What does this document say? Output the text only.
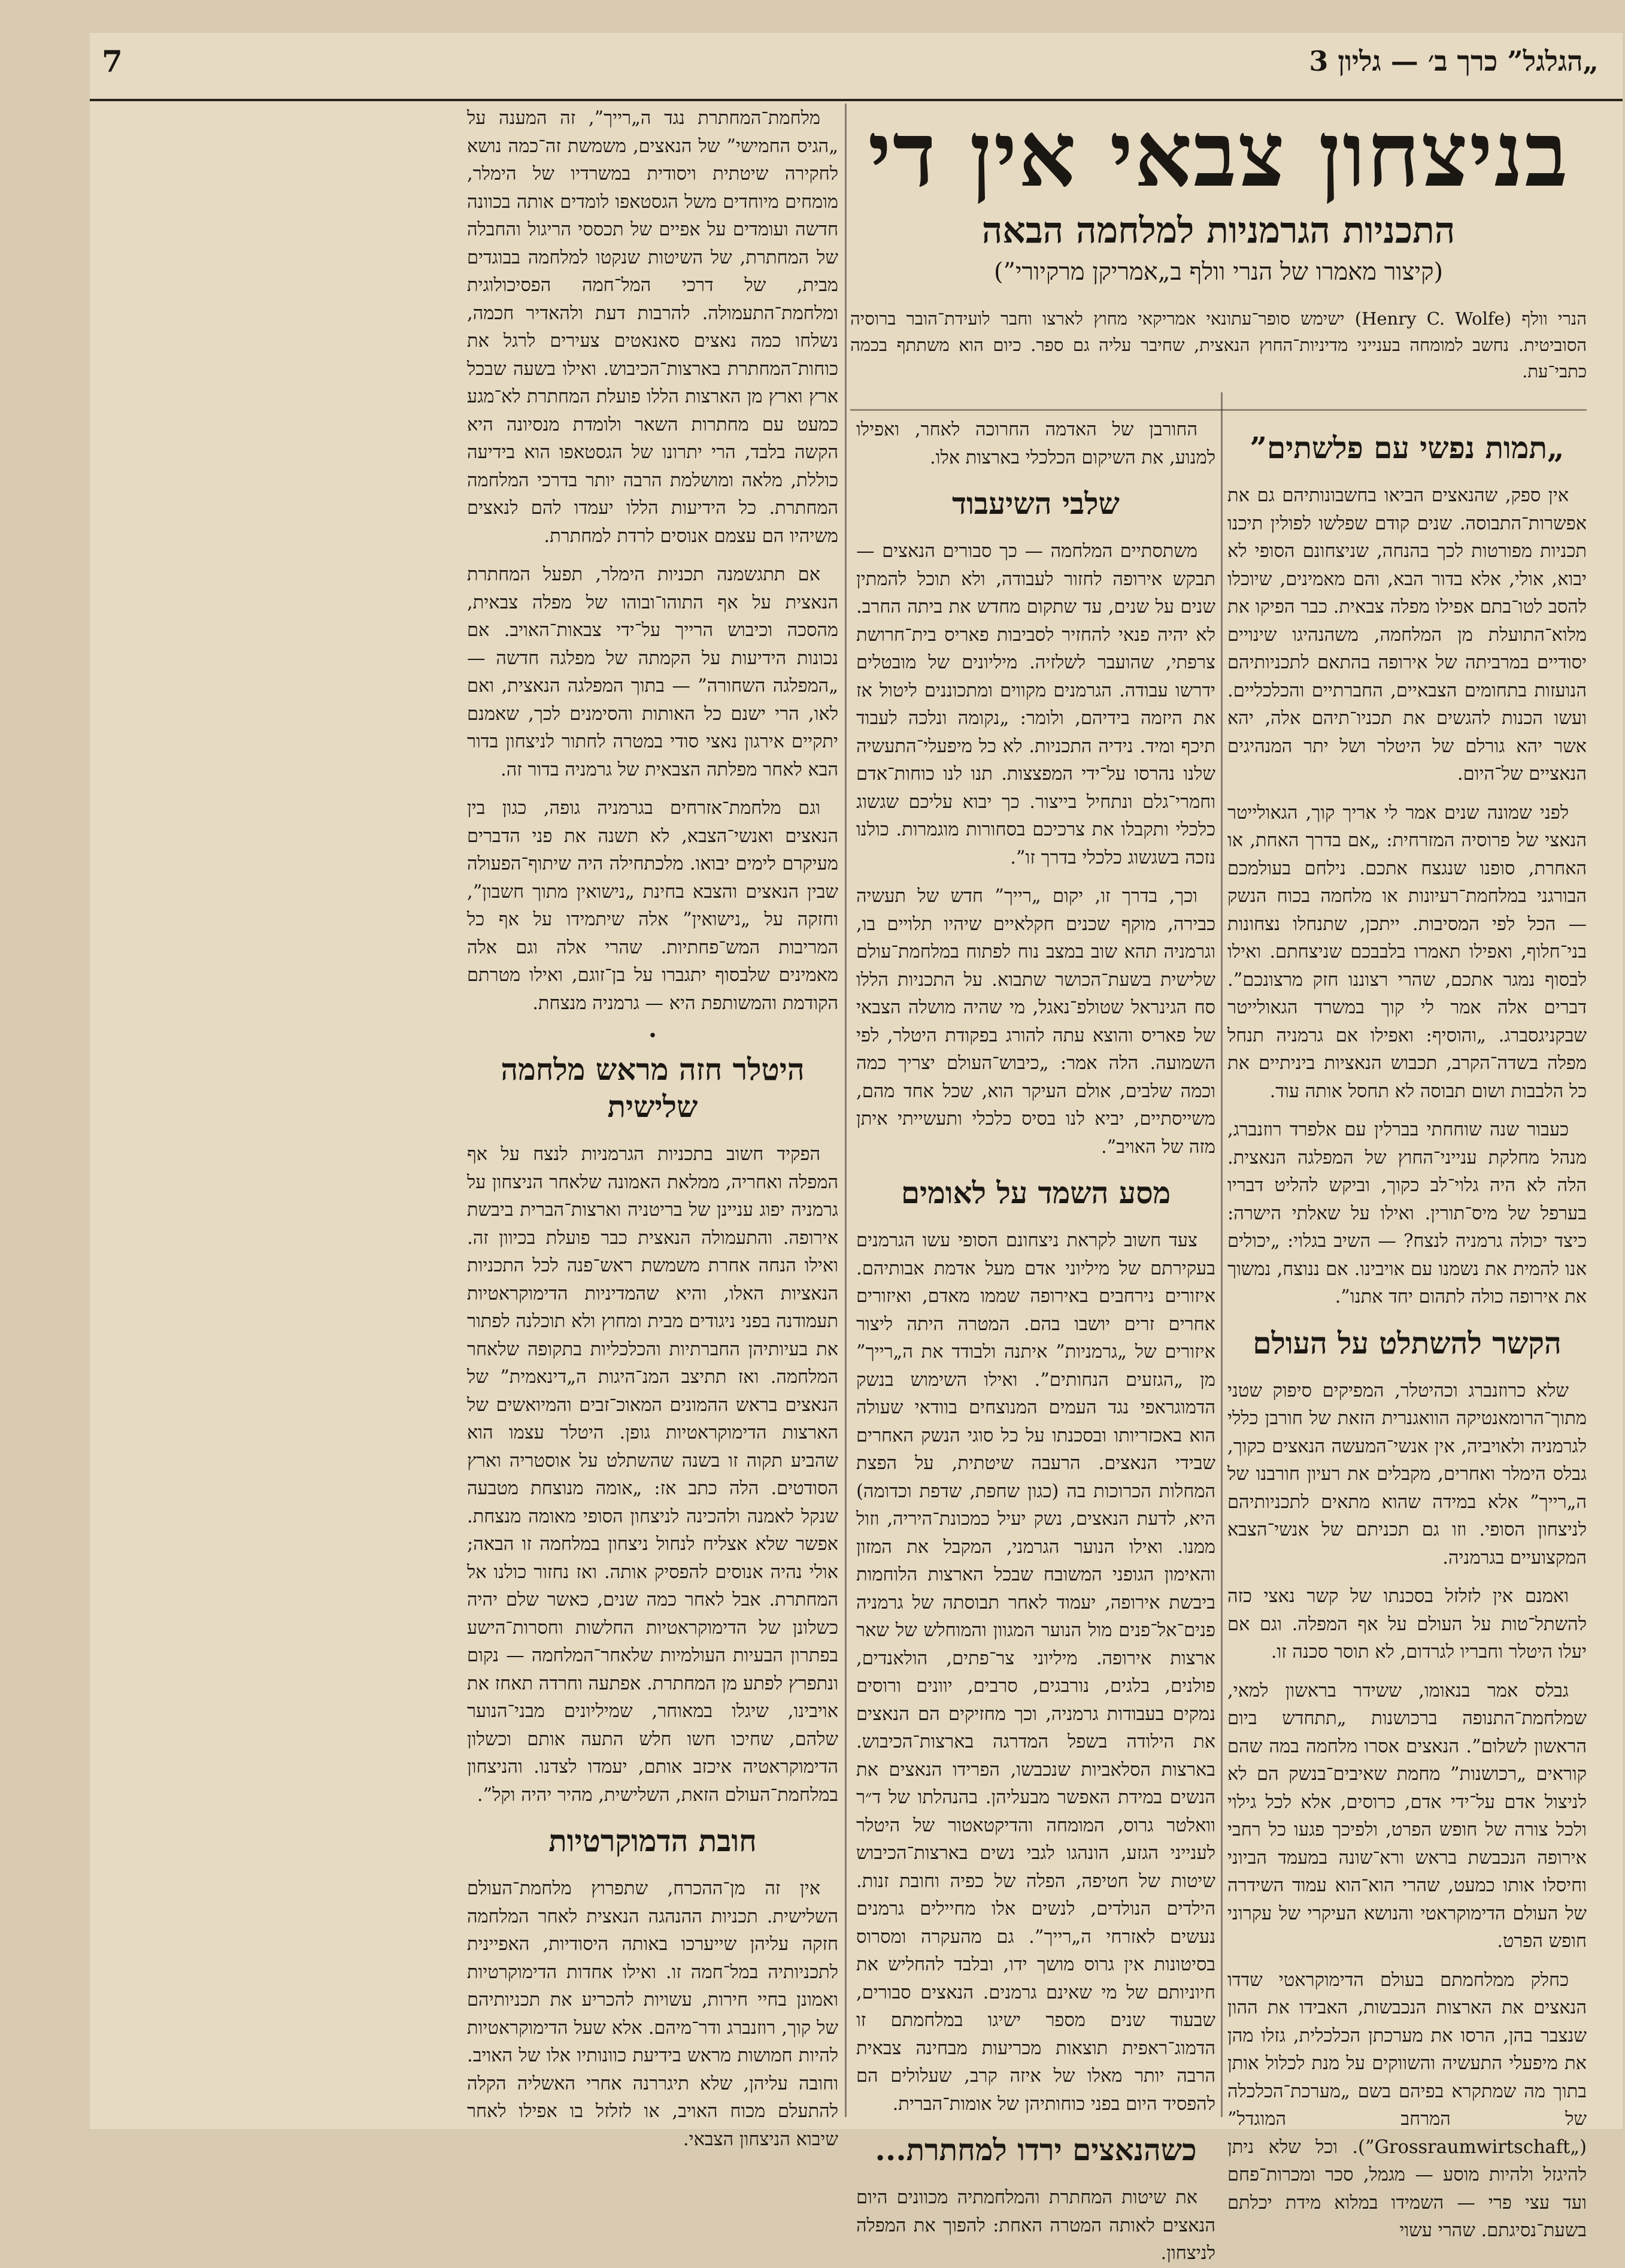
7	„הגלגל” כרך ב׳ — גליון 3
בניצחון צבאי אין די
התכניות הגרמניות למלחמה הבאה
(קיצור מאמרו של הנרי וולף ב„אמריקן מרקיורי”)
הנרי וולף (Henry C. Wolfe) ישימש סופר־עתונאי אמריקאי מחוץ לארצו וחבר לועידת־הובר ברוסיה הסוביטית. נחשב למומחה בענייני מדיניות־החוץ הנאצית, שחיבר עליה גם ספר. כיום הוא משתתף בכמה כתבי־עת.
„תמות נפשי עם פלשתים”

אין ספק, שהנאצים הביאו בחשבונותיהם גם את אפשרות־התבוסה. שנים קודם שפלשו לפולין תיכנו תכניות מפורטות לכך בהנחה, שניצחונם הסופי לא יבוא, אולי, אלא בדור הבא, והם מאמינים, שיוכלו להסב לטו־בתם אפילו מפלה צבאית. כבר הפיקו את מלוא־התועלת מן המלחמה, משהנהיגו שינויים יסודיים במרביתה של אירופה בהתאם לתכניותיהם הנועזות בתחומים הצבאיים, החברתיים והכלכליים. ועשו הכנות להגשים את תכניו־תיהם אלה, יהא אשר יהא גורלם של היטלר ושל יתר המנהיגים הנאציים של־היום.

לפני שמונה שנים אמר לי אריך קוך, הגאולייטר הנאצי של פרוסיה המזרחית: „אם בדרך האחת, או האחרת, סופנו שנגצח אתכם. נילחם בעולמכם הבורגני במלחמת־רעיונות או מלחמה בכוח הנשק — הכל לפי המסיבות. ייתכן, שתנחלו נצחונות בני־חלוף, ואפילו תאמרו בלבבכם שניצחתם. ואילו לבסוף נמגר אתכם, שהרי רצוננו חזק מרצונכם”. דברים אלה אמר לי קוך במשרד הגאולייטר שבקניגסברג. „והוסיף: ואפילו אם גרמניה תנחל מפלה בשדה־הקרב, תכבוש הנאציות ביניתיים את כל הלבבות ושום תבוסה לא תחסל אותה עוד.

כעבור שנה שוחחתי בברלין עם אלפרד רוזנברג, מנהל מחלקת ענייני־החוץ של המפלגה הנאצית. הלה לא היה גלוי־לב כקוך, וביקש להליט דבריו בערפל של מיס־תורין. ואילו על שאלתי הישרה: כיצד יכולה גרמניה לנצח? — השיב בגלוי: „יכולים אנו להמית את נשמנו עם אויבינו. אם ננוצח, נמשוך את אירופה כולה לתהום יחד אתנו”.

הקשר להשתלט על העולם

שלא כרוזנברג וכהיטלר, המפיקים סיפוק שטני מתוך־הרומאנטיקה הוואגנרית הזאת של חורבן כללי לגרמניה ולאויביה, אין אנשי־המעשה הנאצים כקוך, גבלס הימלר ואחרים, מקבלים את רעיון חורבנו של ה„רייך” אלא במידה שהוא מתאים לתכניותיהם לניצחון הסופי. וזו גם תכניתם של אנשי־הצבא המקצועיים בגרמניה.

ואמנם אין לזלזל בסכנתו של קשר נאצי כזה להשתל־טות על העולם על אף המפלה. וגם אם יעלו היטלר וחבריו לגרדום, לא תוסר סכנה זו.

גבלס אמר בנאומו, ששידר בראשון למאי, שמלחמת־התנופה ברכושנות „תתחדש ביום הראשון לשלום”. הנאצים אסרו מלחמה במה שהם קוראים „רכושנות” מחמת שאיבים־בנשק הם לא לניצול אדם על־ידי אדם, כרוסים, אלא לכל גילוי ולכל צורה של חופש הפרט, ולפיכך פגעו כל רחבי אירופה הנכבשת בראש ורא־שונה במעמד הביוני וחיסלו אותו כמעט, שהרי הוא־הוא עמוד השידרה של העולם הדימוקראטי והנושא העיקרי של עקרוני חופש הפרט.

כחלק ממלחמתם בעולם הדימוקראטי שדדו הנאצים את הארצות הנכבשות, האבידו את ההון שנצבר בהן, הרסו את מערכתן הכלכלית, גזלו מהן את מיפעלי התעשיה והשווקים על מנת לכלול אותן בתוך מה שמתקרא בפיהם בשם „מערכת־הכלכלה של המרחב המוגדל” („Grossraumwirtschaft”). וכל שלא ניתן להיגזל ולהיות מוסע — מגמל, סכר ומכרות־פחם ועד עצי פרי — השמידו במלוא מידת יכלתם בשעת־נסיגתם. שהרי עשוי

החורבן של האדמה החרוכה לאחר, ואפילו למנוע, את השיקום הכלכלי בארצות אלו.

שלבי השיעבוד

משתסתיים המלחמה — כך סבורים הנאצים — תבקש אירופה לחזור לעבודה, ולא תוכל להמתין שנים על שנים, עד שתקום מחדש את ביתה החרב. לא יהיה פנאי להחזיר לסביבות פאריס בית־חרושת צרפתי, שהועבר לשלזיה. מיליונים של מובטלים ידרשו עבודה. הגרמנים מקווים ומתכוננים ליטול אז את היזמה בידיהם, ולומר: „נקומה ונלכה לעבוד תיכף ומיד. נידיה התכניות. לא כל מיפעלי־התעשיה שלנו נהרסו על־ידי המפצצות. תנו לנו כוחות־אדם וחמרי־גלם ונתחיל בייצור. כך יבוא עליכם שגשוג כלכלי ותקבלו את צרכיכם בסחורות מוגמרות. כולנו נזכה בשגשוג כלכלי בדרך זו”.

וכך, בדרך זו, יקום „רייך” חדש של תעשיה כבירה, מוקף שכנים חקלאיים שיהיו תלויים בו, וגרמניה תהא שוב במצב נוח לפתוח במלחמת־עולם שלישית בשעת־הכושר שתבוא. על התכניות הללו סח הגינראל שטולפ־נאגל, מי שהיה מושלה הצבאי של פאריס והוצא עתה להורג בפקודת היטלר, לפי השמועה. הלה אמר: „כיבוש־העולם יצריך כמה וכמה שלבים, אולם העיקר הוא, שכל אחד מהם, משייסתיים, יביא לנו בסיס כלכלי ותעשייתי איתן מזה של האויב”.

מסע השמד על לאומים

צעד חשוב לקראת ניצחונם הסופי עשו הגרמנים בעקירתם של מיליוני אדם מעל אדמת אבותיהם. איזורים נירחבים באירופה שממו מאדם, ואיזורים אחרים זרים יושבו בהם. המטרה היתה ליצור איזורים של „גרמניות” איתנה ולבודד את ה„רייך” מן „הגזעים הנחותים”. ואילו השימוש בנשק הדמוגראפי נגד העמים המנוצחים בוודאי שעולה הוא באכזריותו ובסכנתו על כל סוגי הנשק האחרים שבידי הנאצים. הרעבה שיטתית, על הפצת המחלות הכרוכות בה (כגון שחפת, שדפת וכדומה) היא, לדעת הנאצים, נשק יעיל כמכונת־היריה, וזול ממנו. ואילו הנוער הגרמני, המקבל את המזון והאימון הגופני המשובח שבכל הארצות הלוחמות ביבשת אירופה, יעמוד לאחר תבוסתה של גרמניה פנים־אל־פנים מול הנוער המגוון והמוחלש של שאר ארצות אירופה. מיליוני צר־פתים, הולאנדים, פולנים, בלגים, נורבגים, סרבים, יוונים ורוסים נמקים בעבודות גרמניה, וכך מחזיקים הם הנאצים את הילודה בשפל המדרגה בארצות־הכיבוש. בארצות הסלאביות שנכבשו, הפרידו הנאצים את הנשים במידת האפשר מבעליהן. בהנהלתו של ד״ר וואלטר גרוס, המומחה והדיקטאטור של היטלר לענייני הגזע, הונהגו לגבי נשים בארצות־הכיבוש שיטות של חטיפה, הפלה של כפיה וחובת זנות. הילדים הנולדים, לנשים אלו מחיילים גרמנים נעשים לאזרחי ה„רייך”. גם מהעקרה ומסרוס בסיטונות אין גרוס מושך ידו, ובלבד להחליש את חיוניותם של מי שאינם גרמנים. הנאצים סבורים, שבעוד שנים מספר ישיגו במלחמתם זו הדמוג־ראפית תוצאות מכריעות מבחינה צבאית הרבה יותר מאלו של איזה קרב, שעלולים הם להפסיד היום בפני כוחותיהן של אומות־הברית.

כשהנאצים ירדו למחתרת...

את שיטות המחתרת והמלחמתיה מכוונים היום הנאצים לאותה המטרה האחת: להפוך את המפלה לניצחון.

מלחמת־המחתרת נגד ה„רייך”, זה המענה על „הגיס החמישי” של הנאצים, משמשת זה־כמה נושא לחקירה שיטתית ויסודית במשרדיו של הימלר, מומחים מיוחדים משל הגסטאפו לומדים אותה בכוונה חדשה ועומדים על אפיים של תכססי הריגול והחבלה של המחתרת, של השיטות שנקטו למלחמה בבוגדים מבית, של דרכי המל־חמה הפסיכולוגית ומלחמת־התעמולה. להרבות דעת ולהאדיר חכמה, נשלחו כמה נאצים סאנאטים צעירים לרגל את כוחות־המחתרת בארצות־הכיבוש. ואילו בשעה שבכל ארץ וארץ מן הארצות הללו פועלת המחתרת לא־מגע כמעט עם מחתרות השאר ולומדת מנסיונה היא הקשה בלבד, הרי יתרונו של הגסטאפו הוא בידיעה כוללת, מלאה ומושלמת הרבה יותר בדרכי המלחמה המחתרת. כל הידיעות הללו יעמדו להם לנאצים משיהיו הם עצמם אנוסים לרדת למחתרת.

אם תתגשמנה תכניות הימלר, תפעל המחתרת הנאצית על אף התוהו־ובוהו של מפלה צבאית, מהסכה וכיבוש הרייך על־ידי צבאות־האויב. אם נכונות הידיעות על הקמתה של מפלגה חדשה — „המפלגה השחורה” — בתוך המפלגה הנאצית, ואם לאו, הרי ישנם כל האותות והסימנים לכך, שאמנם יתקיים אירגון נאצי סודי במטרה לחתור לניצחון בדור הבא לאחר מפלתה הצבאית של גרמניה בדור זה.

וגם מלחמת־אזרחים בגרמניה גופה, כגון בין הנאצים ואנשי־הצבא, לא תשנה את פני הדברים מעיקרם לימים יבואו. מלכתחילה היה שיתוף־הפעולה שבין הנאצים והצבא בחינת „נישואין מתוך חשבון”, וחזקה על „נישואין” אלה שיתמידו על אף כל המריבות המש־פחתיות. שהרי אלה וגם אלה מאמינים שלבסוף יתגברו על בן־זוגם, ואילו מטרתם הקודמת והמשותפת היא — גרמניה מנצחת.

•
היטלר חזה מראש מלחמה שלישית

הפקיד חשוב בתכניות הגרמניות לנצח על אף המפלה ואחריה, ממלאת האמונה שלאחר הניצחון על גרמניה יפוג עניינן של בריטניה וארצות־הברית ביבשת אירופה. והתעמולה הנאצית כבר פועלת בכיוון זה. ואילו הנחה אחרת משמשת ראש־פנה לכל התכניות הנאציות האלו, והיא שהמדיניות הדימוקראטיות תעמודנה בפני ניגודים מבית ומחוץ ולא תוכלנה לפתור את בעיותיהן החברתיות והכלכליות בתקופה שלאחר המלחמה. ואז תתיצב המנ־היגות ה„דינאמית” של הנאצים בראש ההמונים המאוכ־זבים והמיואשים של הארצות הדימוקראטיות גופן. היטלר עצמו הוא שהביע תקוה זו בשנה שהשתלט על אוסטריה וארץ הסודטים. הלה כתב אז: „אומה מנוצחת מטבעה שנקל לאמנה ולהכינה לניצחון הסופי מאומה מנצחת. אפשר שלא אצליח לנחול ניצחון במלחמה זו הבאה; אולי נהיה אנוסים להפסיק אותה. ואז נחזור כולנו אל המחתרת. אבל לאחר כמה שנים, כאשר שלם יהיה כשלונן של הדימוקראטיות החלשות וחסרות־הישע בפתרון הבעיות העולמיות שלאחר־המלחמה — נקום ונתפרץ לפתע מן המחתרת. אפתעה וחרדה תאחז את אויבינו, שיגלו במאוחר, שמיליונים מבני־הנוער שלהם, שחיכו חשו חלש התעה אותם וכשלון הדימוקראטיה איכזב אותם, יעמדו לצדנו. והניצחון במלחמת־העולם הזאת, השלישית, מהיר יהיה וקל”.

חובת הדמוקרטיות

אין זה מן־ההכרח, שתפרוץ מלחמת־העולם השלישית. תכניות ההנהגה הנאצית לאחר המלחמה חזקה עליהן שייערכו באותה היסודיות, האפיינית לתכניותיה במל־חמה זו. ואילו אחדות הדימוקרטיות ואמונן בחיי חירות, עשויות להכריע את תכניותיהם של קוך, רוזנברג ודר־מיהם. אלא שעל הדימוקראטיות להיות חמושות מראש בידיעת כוונותיו אלו של האויב. וחובה עליהן, שלא תיגררנה אחרי האשליה הקלה להתעלם מכוח האויב, או לזלזל בו אפילו לאחר שיבוא הניצחון הצבאי.
